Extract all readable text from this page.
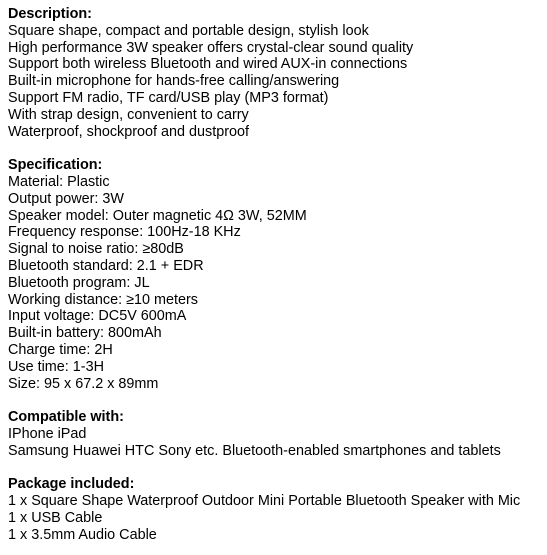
Description:
Square shape, compact and portable design, stylish look
High performance 3W speaker offers crystal-clear sound quality
Support both wireless Bluetooth and wired AUX-in connections
Built-in microphone for hands-free calling/answering
Support FM radio, TF card/USB play (MP3 format)
With strap design, convenient to carry
Waterproof, shockproof and dustproof
Specification:
Material: Plastic
Output power: 3W
Speaker model: Outer magnetic 4Ω 3W, 52MM
Frequency response: 100Hz-18 KHz
Signal to noise ratio: ≥80dB
Bluetooth standard: 2.1 + EDR
Bluetooth program: JL
Working distance: ≥10 meters
Input voltage: DC5V 600mA
Built-in battery: 800mAh
Charge time: 2H
Use time: 1-3H
Size: 95 x 67.2 x 89mm
Compatible with:
IPhone iPad
Samsung Huawei HTC Sony etc. Bluetooth-enabled smartphones and tablets
Package included:
1 x Square Shape Waterproof Outdoor Mini Portable Bluetooth Speaker with Mic
1 x USB Cable
1 x 3.5mm Audio Cable
